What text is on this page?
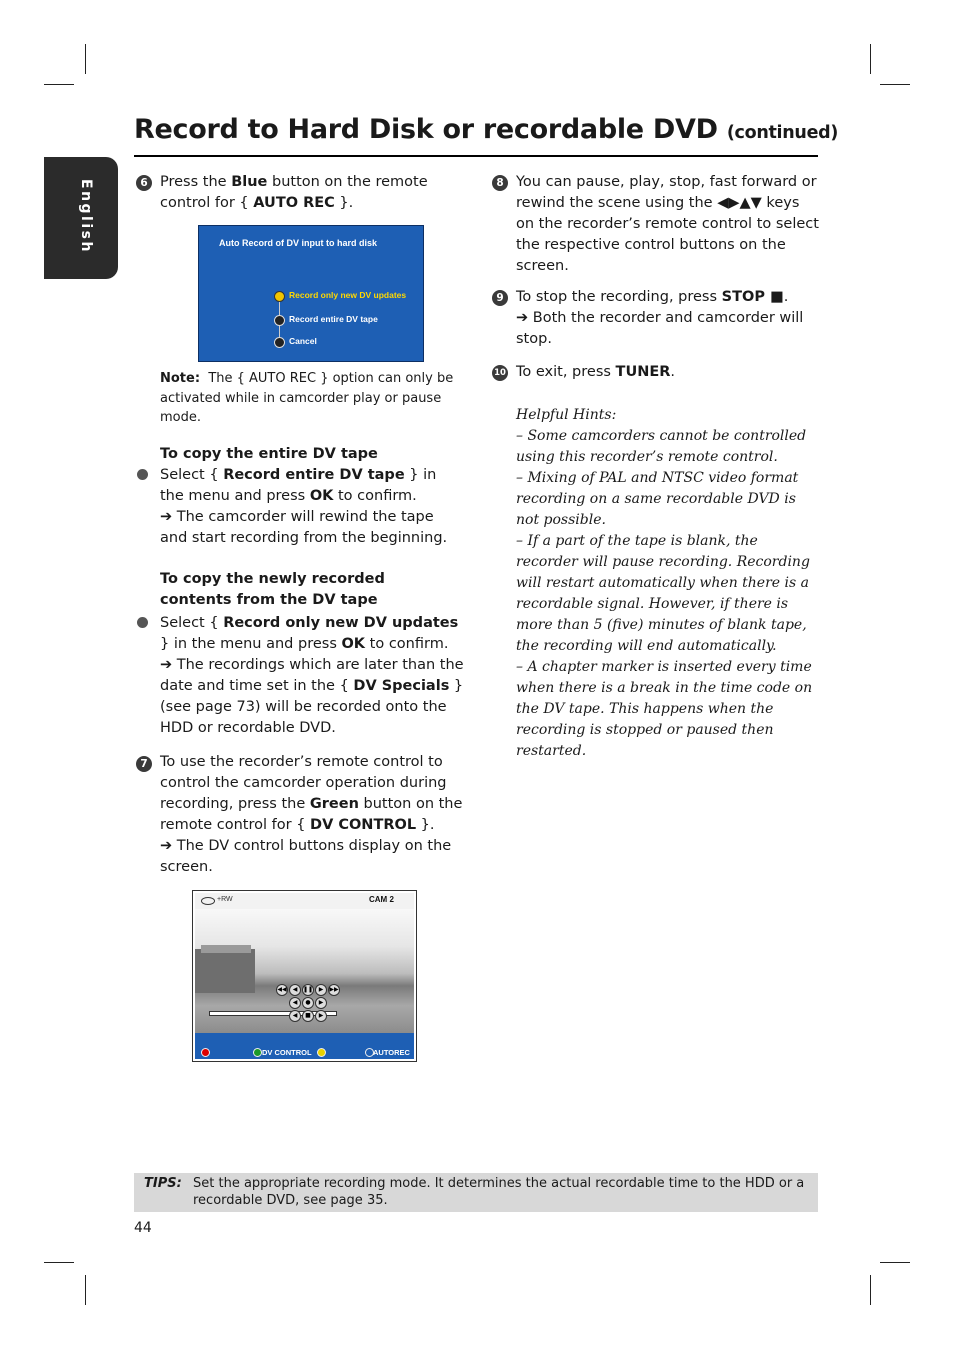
Record to Hard Disk or recordable DVD (continued)
English	6 Press the Blue button on the remote control for { AUTO REC }.
Auto Record of DV input to hard disk
Record only new DV updates
Record entire DV tape
Cancel
Note: The { AUTO REC } option can only be activated while in camcorder play or pause mode.
To copy the entire DV tape
Select { Record entire DV tape } in the menu and press OK to confirm.
➔ The camcorder will rewind the tape and start recording from the beginning.
To copy the newly recorded contents from the DV tape
Select { Record only new DV updates } in the menu and press OK to confirm.
➔ The recordings which are later than the date and time set in the { DV Specials } (see page 73) will be recorded onto the HDD or recordable DVD.
7 To use the recorder’s remote control to control the camcorder operation during recording, press the Green button on the remote control for { DV CONTROL }.
➔ The DV control buttons display on the screen.
+RW	CAM 2
◀◀	◀ ❚❚ ▶	▶▶
◀	●	▶
◀	■	▶
DV CONTROL	AUTOREC
8 You can pause, play, stop, fast forward or rewind the scene using the ◀▶▲▼ keys on the recorder’s remote control to select the respective control buttons on the screen.
9 To stop the recording, press STOP ■.
➔ Both the recorder and camcorder will stop.
10 To exit, press TUNER.
Helpful Hints:
– Some camcorders cannot be controlled using this recorder’s remote control.
– Mixing of PAL and NTSC video format recording on a same recordable DVD is not possible.
– If a part of the tape is blank, the recorder will pause recording. Recording will restart automatically when there is a recordable signal. However, if there is more than 5 (five) minutes of blank tape, the recording will end automatically.
– A chapter marker is inserted every time when there is a break in the time code on the DV tape. This happens when the recording is stopped or paused then restarted.
TIPS: Set the appropriate recording mode. It determines the actual recordable time to the HDD or a recordable DVD, see page 35.
44
